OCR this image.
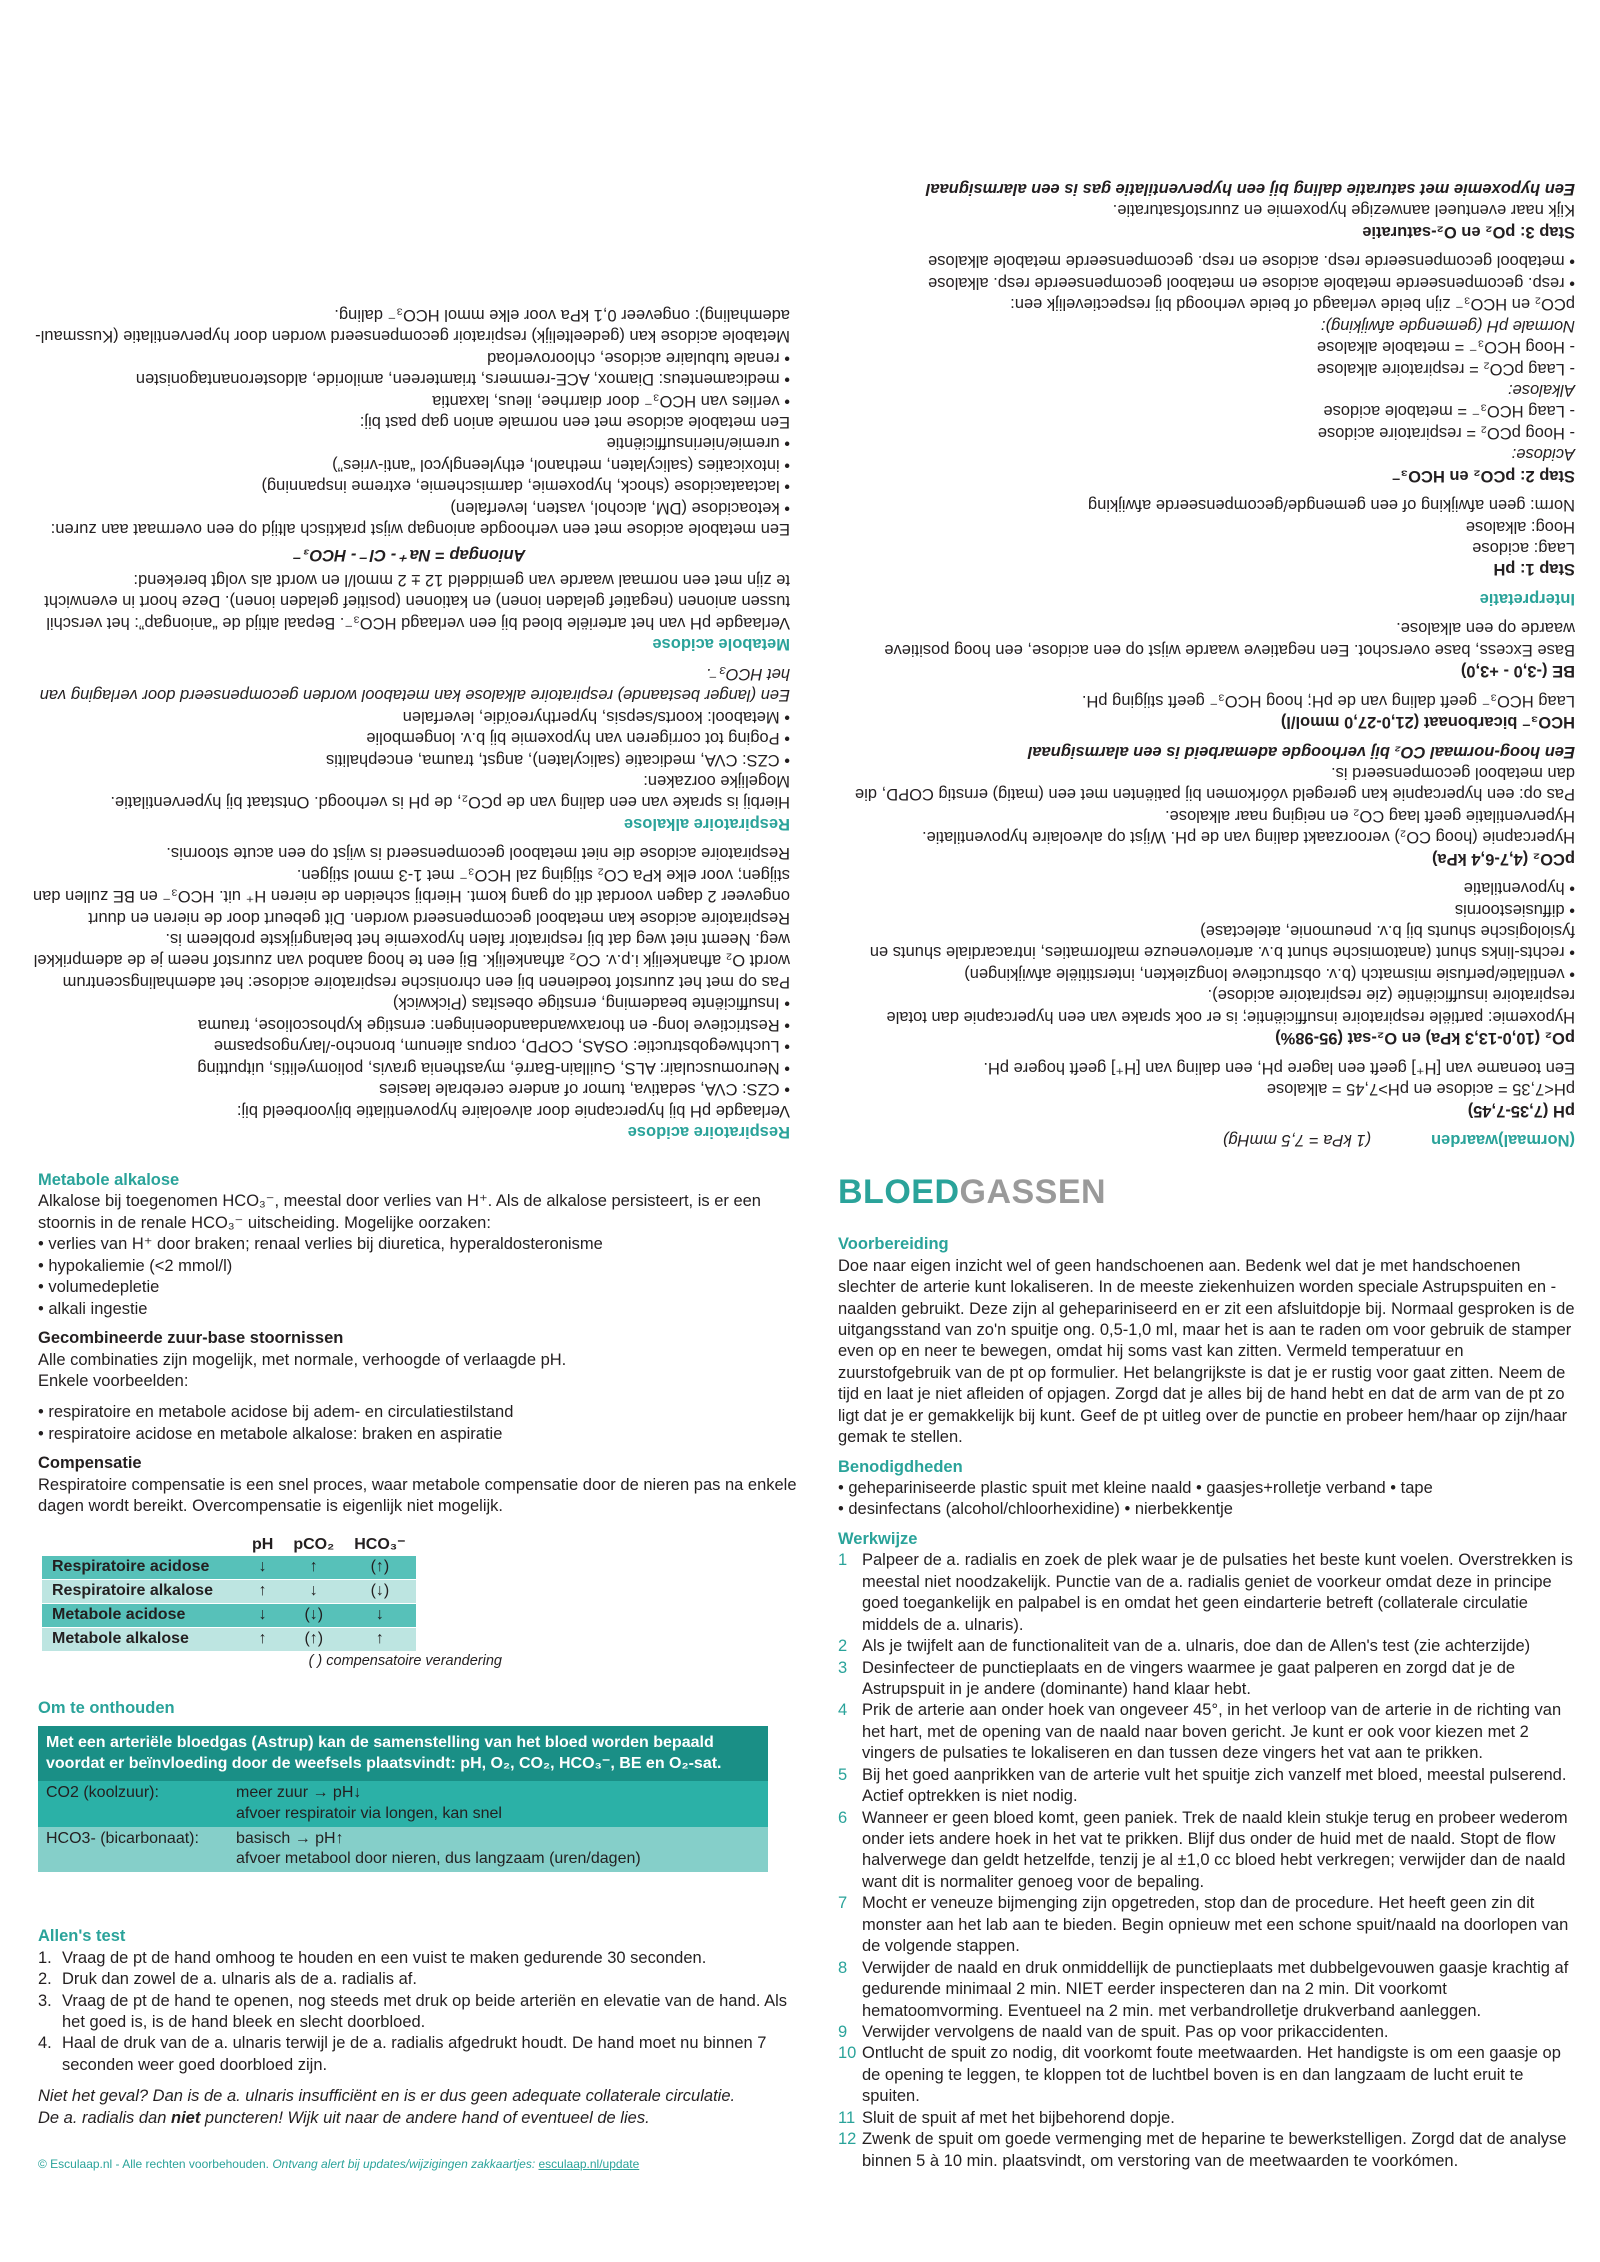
Respiratoire acidose

Verlaagde pH bij hypercapnie door alveolaire hypoventilatie bijvoorbeeld bij:

• CZS: CVA, sedativa, tumor of andere cerebrale laesies
• Neuromusculair: ALS, Guillain-Barré, myasthenia gravis, poliomyelitis, uitputting
• Luchtwegobstructie: OSAS, COPD, corpus alienum, broncho-/laryngospasme
• Restrictieve long- en thoraxwandaandoeningen: ernstige kyphoscoliose, trauma
• Insufficiënte beademing, ernstige obesitas (Pickwick)

Pas op met het zuurstof toedienen bij een chronische respiratoire acidose: het ademhalingscentrum wordt O₂ afhankelijk i.p.v. CO₂ afhankelijk. Bij een te hoog aanbod van zuurstof neem je de ademprikkel weg. Neemt niet weg dat bij respiratoir falen hypoxemie het belangrijkste probleem is.

Respiratoire acidose kan metabool gecompenseerd worden. Dit gebeurt door de nieren en duurt ongeveer 2 dagen voordat dit op gang komt. Hierbij scheiden de nieren H⁺ uit. HCO₃⁻ en BE zullen dan stijgen; voor elke kPa CO₂ stijging zal HCO₃⁻ met 1-3 mmol stijgen.

Respiratoire acidose die niet metabool gecompenseerd is wijst op een acute stoornis.

Respiratoire alkalose

Hierbij is sprake van een daling van de pCO₂, de pH is verhoogd. Ontstaat bij hyperventilatie.

Mogelijke oorzaken:

• CZS: CVA, medicatie (salicylaten), angst, trauma, encephalitis
• Poging tot corrigeren van hypoxemie bij b.v. longembolie
• Metabool: koorts/sepsis, hyperthyreoïdie, leverfalen

Een (langer bestaande) respiratoire alkalose kan metabool worden gecompenseerd door verlaging van het HCO₃⁻.

Metabole acidose

Verlaagde pH van het arteriële bloed bij een verlaagd HCO₃⁻. Bepaal altijd de “aniongap”: het verschil tussen anionen (negatief geladen ionen) en kationen (positief geladen ionen). Deze hoort in evenwicht te zijn met een normaal waarde van gemiddeld 12 ± 2 mmol/l en wordt als volgt berekend:

Aniongap = Na⁺ - Cl⁻ - HCO₃⁻

Een metabole acidose met een verhoogde aniongap wijst praktisch altijd op een overmaat aan zuren:

• ketoacidose (DM, alcohol, vasten, leverfalen)
• lactaatacidose (shock, hypoxemie, darmischemie, extreme inspanning)
• intoxicaties (salicylaten, methanol, ethyleenglycol “anti-vries”)
• uremie/nierinsufficiëntie

Een metabole acidose met een normale anion gap past bij:

• verlies van HCO₃⁻ door diarrhee, ileus, laxantia
• medicamenteus: Diamox, ACE-remmers, triamtereen, amiloride, aldosteronantagonisten
• renale tubulaire acidose, chlooroverload

Metabole acidose kan (gedeeltelijk) respiratoir gecompenseerd worden door hyperventilatie (Kussmaul-ademhaling): ongeveer 0,1 kPa voor elke mmol HCO₃⁻ daling.

(Normaal)waarden
(1 kPa = 7,5 mmHg)
pH (7,35-7,45)

pH<7,35 = acidose en pH>7,45 = alkalose

Een toename van [H⁺] geeft een lagere pH, een daling van [H⁺] geeft hogere pH.

pO₂ (10,0-13,3 kPa) en O₂-sat (95-98%)

Hypoxemie: partiële respiratoire insufficiëntie; is er ook sprake van een hypercapnie dan totale respiratoire insufficiëntie (zie respiratoire acidose).

• ventilatie/perfusie mismatch (b.v. obstructieve longziekten, interstitiële afwijkingen)
• rechts-links shunt (anatomische shunt b.v. arterioveneuze malformaties, intracardiale shunts en fysiologische shunts bij b.v. pneumonie, atelectase)
• diffusiestoornis
• hypoventilatie
pCO₂ (4,7-6,4 kPa)

Hypercapnie (hoog CO₂) veroorzaakt daling van de pH. Wijst op alveolaire hypoventilatie.

Hyperventilatie geeft laag CO₂ en neiging naar alkalose.

Pas op: een hypercapnie kan geregeld vóórkomen bij patiënten met een (matig) ernstig COPD, die dan metabool gecompenseerd is.

Een hoog-normaal CO₂ bij verhoogde ademarbeid is een alarmsignaal

HCO₃⁻ bicarbonaat (21,0-27,0 mmol/l)

Laag HCO₃⁻ geeft daling van de pH; hoog HCO₃⁻ geeft stijging pH.

BE (-3,0 - +3,0)

Base Excess, base overschot. Een negatieve waarde wijst op een acidose, een hoog positieve waarde op een alkalose.

Interpretatie
Stap 1: pH

Laag: acidose

Hoog: alkalose

Norm: geen afwijking of een gemengde/gecompenseerde afwijking

Stap 2: pCO₂ en HCO₃⁻

Acidose:

- Hoog pCO₂ = respiratoire acidose

- Laag HCO₃⁻ = metabole acidose

Alkalose:

- Laag pCO₂ = respiratoire alkalose

- Hoog HCO₃⁻ = metabole alkalose

Normale pH (gemengde afwijking):

pCO₂ en HCO₃⁻ zijn beide verlaagd of beide verhoogd bij respectievelijk een:

• resp. gecompenseerde metabole acidose en metabool gecompenseerde resp. alkalose
• metabool gecompenseerde resp. acidose en resp. gecompenseerde metabole alkalose
Stap 3: pO₂ en O₂-saturatie

Kijk naar eventueel aanwezige hypoxemie en zuurstofsaturatie.

Een hypoxemie met saturatie daling bij een hyperventilatie gas is een alarmsignaal

Metabole alkalose

Alkalose bij toegenomen HCO₃⁻, meestal door verlies van H⁺. Als de alkalose persisteert, is er een stoornis in de renale HCO₃⁻ uitscheiding. Mogelijke oorzaken:

• verlies van H⁺ door braken; renaal verlies bij diuretica, hyperaldosteronisme
• hypokaliemie (<2 mmol/l)
• volumedepletie
• alkali ingestie
Gecombineerde zuur-base stoornissen

Alle combinaties zijn mogelijk, met normale, verhoogde of verlaagde pH.

Enkele voorbeelden:

• respiratoire en metabole acidose bij adem- en circulatiestilstand
• respiratoire acidose en metabole alkalose: braken en aspiratie
Compensatie

Respiratoire compensatie is een snel proces, waar metabole compensatie door de nieren pas na enkele dagen wordt bereikt. Overcompensatie is eigenlijk niet mogelijk.

	pH	pCO₂	HCO₃⁻
Respiratoire acidose	↓	↑	(↑)
Respiratoire alkalose	↑	↓	(↓)
Metabole acidose	↓	(↓)	↓
Metabole alkalose	↑	(↑)	↑

( ) compensatoire verandering

Om te onthouden
Met een arteriële bloedgas (Astrup) kan de samenstelling van het bloed worden bepaald voordat er beïnvloeding door de weefsels plaatsvindt: pH, O₂, CO₂, HCO₃⁻, BE en O₂-sat.
CO2 (koolzuur):	meer zuur → pH↓
afvoer respiratoir via longen, kan snel
HCO3- (bicarbonaat):	basisch → pH↑
afvoer metabool door nieren, dus langzaam (uren/dagen)
Allen's test
1. Vraag de pt de hand omhoog te houden en een vuist te maken gedurende 30 seconden.
2. Druk dan zowel de a. ulnaris als de a. radialis af.
3. Vraag de pt de hand te openen, nog steeds met druk op beide arteriën en elevatie van de hand. Als het goed is, is de hand bleek en slecht doorbloed.
4. Haal de druk van de a. ulnaris terwijl je de a. radialis afgedrukt houdt. De hand moet nu binnen 7 seconden weer goed doorbloed zijn.

Niet het geval? Dan is de a. ulnaris insufficiënt en is er dus geen adequate collaterale circulatie.

De a. radialis dan niet puncteren! Wijk uit naar de andere hand of eventueel de lies.

© Esculaap.nl - Alle rechten voorbehouden. Ontvang alert bij updates/wijzigingen zakkaartjes: esculaap.nl/update

BLOEDGASSEN
Voorbereiding

Doe naar eigen inzicht wel of geen handschoenen aan. Bedenk wel dat je met handschoenen slechter de arterie kunt lokaliseren. In de meeste ziekenhuizen worden speciale Astrupspuiten en -naalden gebruikt. Deze zijn al gehepariniseerd en er zit een afsluitdopje bij. Normaal gesproken is de uitgangsstand van zo'n spuitje ong. 0,5-1,0 ml, maar het is aan te raden om voor gebruik de stamper even op en neer te bewegen, omdat hij soms vast kan zitten. Vermeld temperatuur en zuurstofgebruik van de pt op formulier. Het belangrijkste is dat je er rustig voor gaat zitten. Neem de tijd en laat je niet afleiden of opjagen. Zorgd dat je alles bij de hand hebt en dat de arm van de pt zo ligt dat je er gemakkelijk bij kunt. Geef de pt uitleg over de punctie en probeer hem/haar op zijn/haar gemak te stellen.

Benodigdheden
• gehepariniseerde plastic spuit met kleine naald • gaasjes+rolletje verband • tape
• desinfectans (alcohol/chloorhexidine) • nierbekkentje
Werkwijze
1 Palpeer de a. radialis en zoek de plek waar je de pulsaties het beste kunt voelen. Overstrekken is meestal niet noodzakelijk. Punctie van de a. radialis geniet de voorkeur omdat deze in principe goed toegankelijk en palpabel is en omdat het geen eindarterie betreft (collaterale circulatie middels de a. ulnaris).
2 Als je twijfelt aan de functionaliteit van de a. ulnaris, doe dan de Allen's test (zie achterzijde)
3 Desinfecteer de punctieplaats en de vingers waarmee je gaat palperen en zorgd dat je de Astrupspuit in je andere (dominante) hand klaar hebt.
4 Prik de arterie aan onder hoek van ongeveer 45°, in het verloop van de arterie in de richting van het hart, met de opening van de naald naar boven gericht. Je kunt er ook voor kiezen met 2 vingers de pulsaties te lokaliseren en dan tussen deze vingers het vat aan te prikken.
5 Bij het goed aanprikken van de arterie vult het spuitje zich vanzelf met bloed, meestal pulserend. Actief optrekken is niet nodig.
6 Wanneer er geen bloed komt, geen paniek. Trek de naald klein stukje terug en probeer wederom onder iets andere hoek in het vat te prikken. Blijf dus onder de huid met de naald. Stopt de flow halverwege dan geldt hetzelfde, tenzij je al ±1,0 cc bloed hebt verkregen; verwijder dan de naald want dit is normaliter genoeg voor de bepaling.
7 Mocht er veneuze bijmenging zijn opgetreden, stop dan de procedure. Het heeft geen zin dit monster aan het lab aan te bieden. Begin opnieuw met een schone spuit/naald na doorlopen van de volgende stappen.
8 Verwijder de naald en druk onmiddellijk de punctieplaats met dubbelgevouwen gaasje krachtig af gedurende minimaal 2 min. NIET eerder inspecteren dan na 2 min. Dit voorkomt hematoomvorming. Eventueel na 2 min. met verbandrolletje drukverband aanleggen.
9 Verwijder vervolgens de naald van de spuit. Pas op voor prikaccidenten.
10 Ontlucht de spuit zo nodig, dit voorkomt foute meetwaarden. Het handigste is om een gaasje op de opening te leggen, te kloppen tot de luchtbel boven is en dan langzaam de lucht eruit te spuiten.
11 Sluit de spuit af met het bijbehorend dopje.
12 Zwenk de spuit om goede vermenging met de heparine te bewerkstelligen. Zorgd dat de analyse binnen 5 à 10 min. plaatsvindt, om verstoring van de meetwaarden te voorkómen.
